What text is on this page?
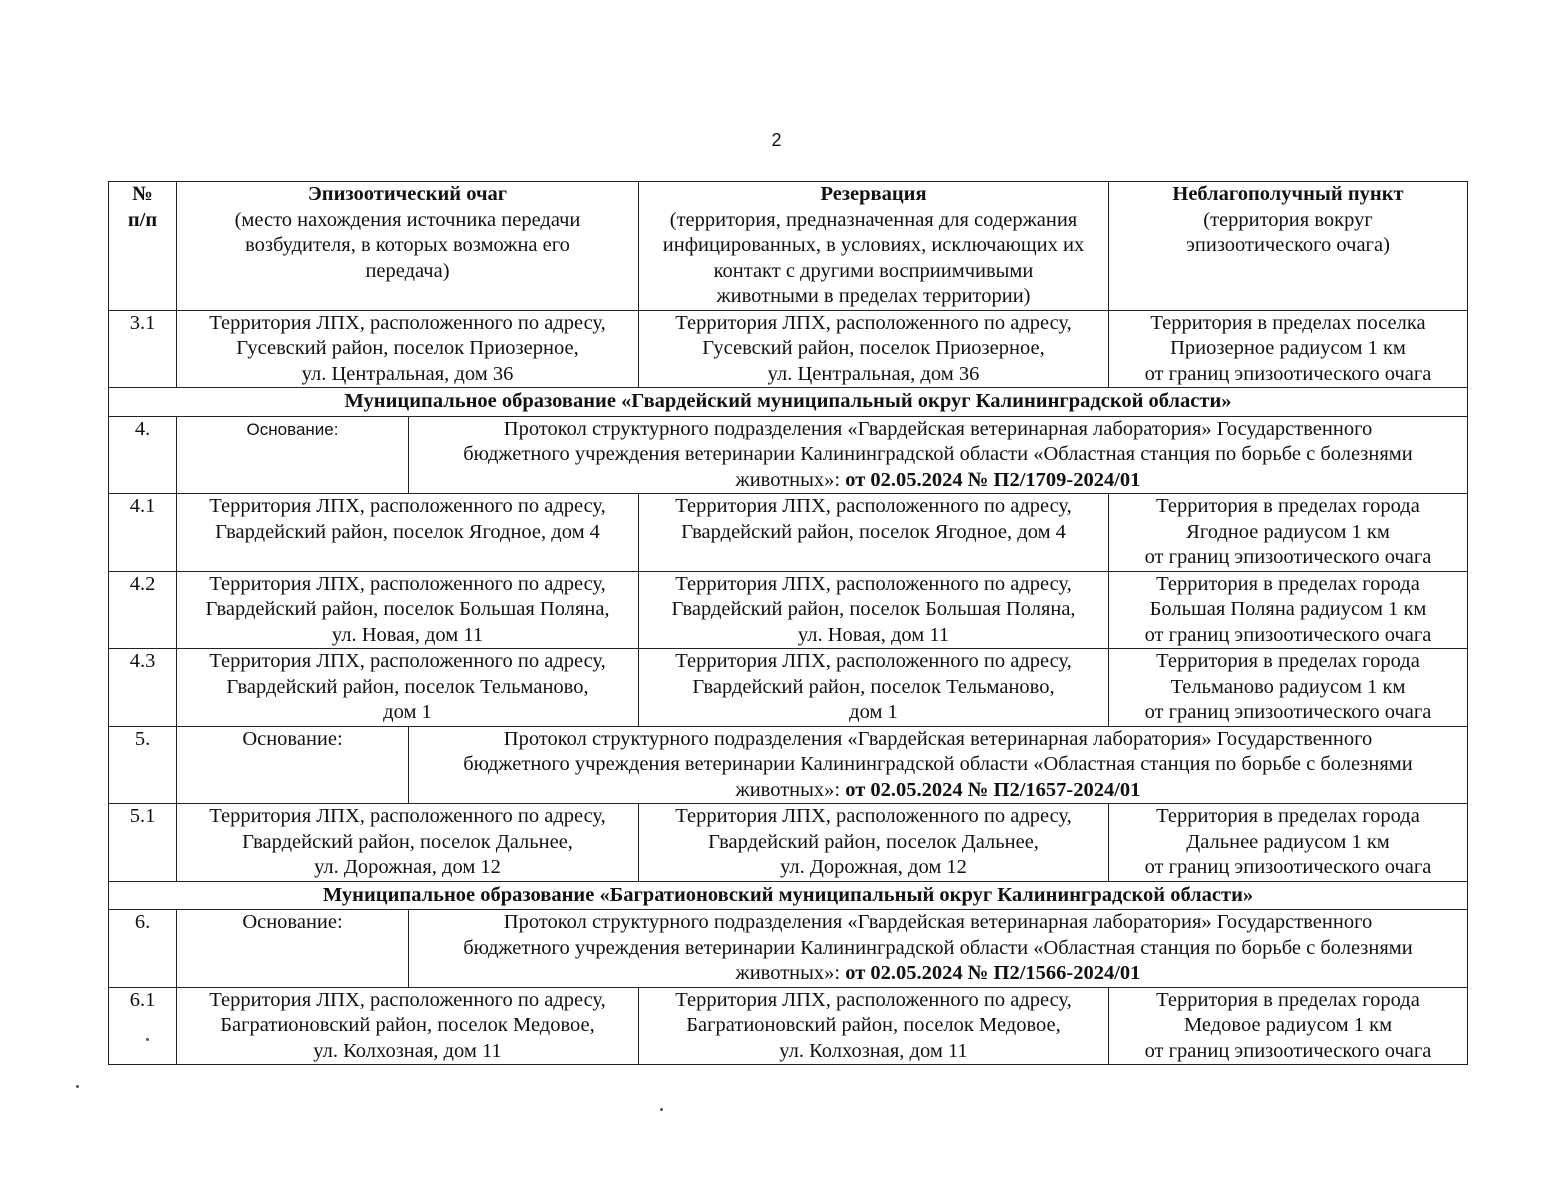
2
№
п/п	Эпизоотический очаг
(место нахождения источника передачи
возбудителя, в которых возможна его
передача)		Резервация
(территория, предназначенная для содержания
инфицированных, в условиях, исключающих их
контакт с другими восприимчивыми
животными в пределах территории)	Неблагополучный пункт
(территория вокруг
эпизоотического очага)

3.1	Территория ЛПХ, расположенного по адресу,
Гусевский район, поселок Приозерное,
ул. Центральная, дом 36		Территория ЛПХ, расположенного по адресу,
Гусевский район, поселок Приозерное,
ул. Центральная, дом 36	Территория в пределах поселка
Приозерное радиусом 1 км
от границ эпизоотического очага

Муниципальное образование «Гвардейский муниципальный округ Калининградской области»				
4.	Основание:	Протокол структурного подразделения «Гвардейская ветеринарная лаборатория» Государственного
бюджетного учреждения ветеринарии Калининградской области «Областная станция по борьбе с болезнями
животных»: от 02.05.2024 № П2/1709-2024/01		

4.1	Территория ЛПХ, расположенного по адресу,
Гвардейский район, поселок Ягодное, дом 4		Территория ЛПХ, расположенного по адресу,
Гвардейский район, поселок Ягодное, дом 4	Территория в пределах города
Ягодное радиусом 1 км
от границ эпизоотического очага

4.2	Территория ЛПХ, расположенного по адресу,
Гвардейский район, поселок Большая Поляна,
ул. Новая, дом 11		Территория ЛПХ, расположенного по адресу,
Гвардейский район, поселок Большая Поляна,
ул. Новая, дом 11	Территория в пределах города
Большая Поляна радиусом 1 км
от границ эпизоотического очага

4.3	Территория ЛПХ, расположенного по адресу,
Гвардейский район, поселок Тельманово,
дом 1		Территория ЛПХ, расположенного по адресу,
Гвардейский район, поселок Тельманово,
дом 1	Территория в пределах города
Тельманово радиусом 1 км
от границ эпизоотического очага

5.	Основание:	Протокол структурного подразделения «Гвардейская ветеринарная лаборатория» Государственного
бюджетного учреждения ветеринарии Калининградской области «Областная станция по борьбе с болезнями
животных»: от 02.05.2024 № П2/1657-2024/01		

5.1	Территория ЛПХ, расположенного по адресу,
Гвардейский район, поселок Дальнее,
ул. Дорожная, дом 12		Территория ЛПХ, расположенного по адресу,
Гвардейский район, поселок Дальнее,
ул. Дорожная, дом 12	Территория в пределах города
Дальнее радиусом 1 км
от границ эпизоотического очага

Муниципальное образование «Багратионовский муниципальный округ Калининградской области»				
6.	Основание:	Протокол структурного подразделения «Гвардейская ветеринарная лаборатория» Государственного
бюджетного учреждения ветеринарии Калининградской области «Областная станция по борьбе с болезнями
животных»: от 02.05.2024 № П2/1566-2024/01		

6.1	Территория ЛПХ, расположенного по адресу,
Багратионовский район, поселок Медовое,
ул. Колхозная, дом 11		Территория ЛПХ, расположенного по адресу,
Багратионовский район, поселок Медовое,
ул. Колхозная, дом 11	Территория в пределах города
Медовое радиусом 1 км
от границ эпизоотического очага
